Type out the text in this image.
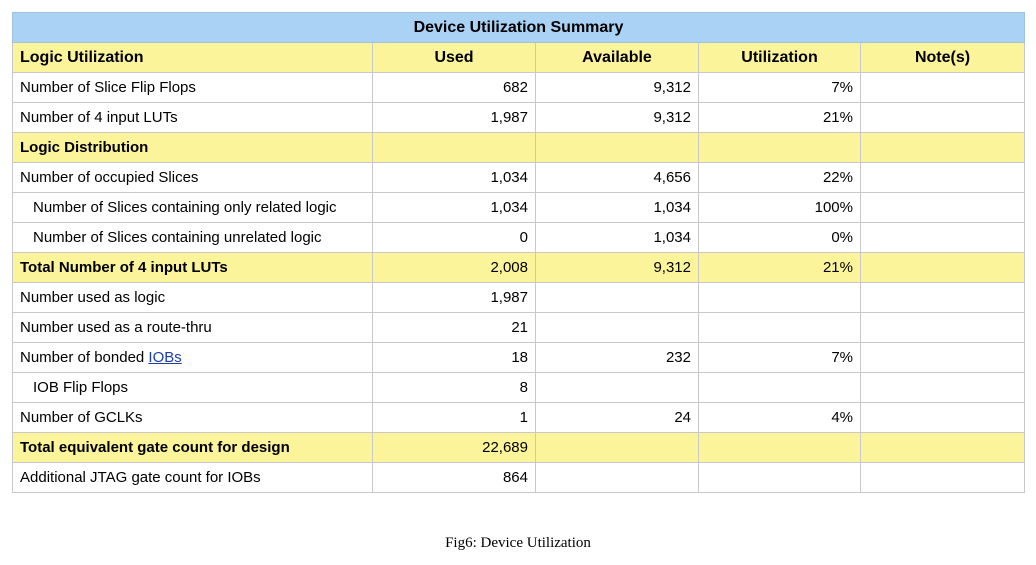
Device Utilization Summary				
Logic Utilization	Used	Available	Utilization	Note(s)
Number of Slice Flip Flops	682	9,312	7%	
Number of 4 input LUTs	1,987	9,312	21%	
Logic Distribution				
Number of occupied Slices	1,034	4,656	22%	
Number of Slices containing only related logic	1,034	1,034	100%	
Number of Slices containing unrelated logic	0	1,034	0%	
Total Number of 4 input LUTs	2,008	9,312	21%	
Number used as logic	1,987			
Number used as a route-thru	21			
Number of bonded IOBs	18	232	7%	
IOB Flip Flops	8			
Number of GCLKs	1	24	4%	
Total equivalent gate count for design	22,689			
Additional JTAG gate count for IOBs	864			
Fig6: Device Utilization
